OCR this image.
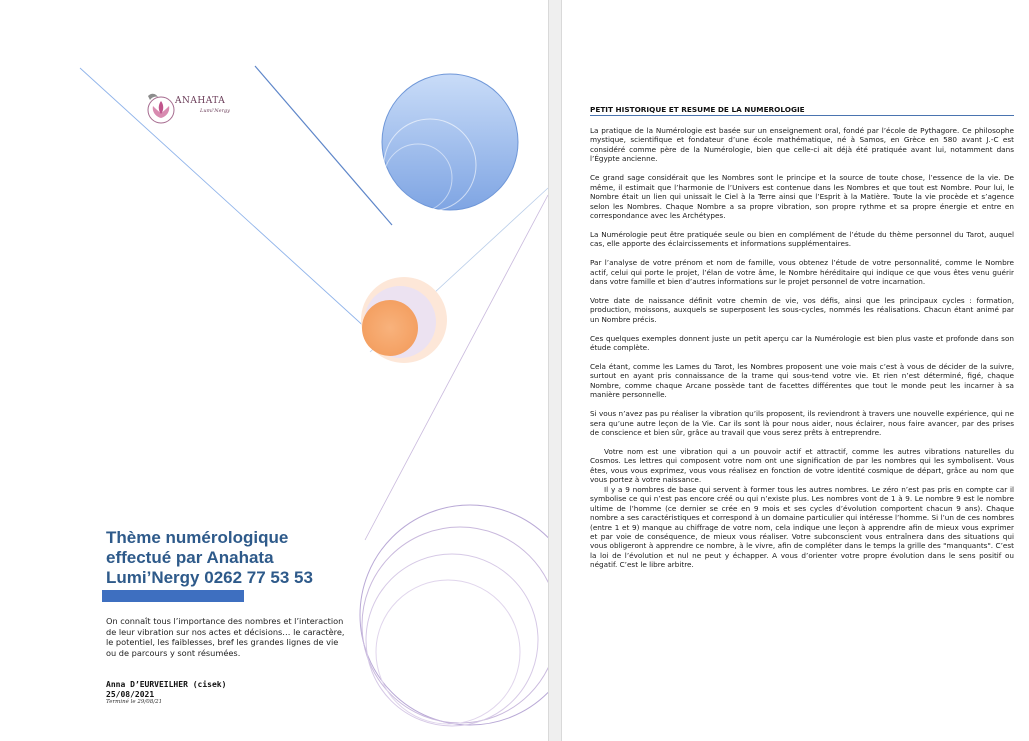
ANAHATA
Lumi'Nergy
Thème numérologique
effectué par Anahata
Lumi’Nergy 0262 77 53 53
On connaît tous l’importance des nombres et l’interaction de leur vibration sur nos actes et décisions… le caractère, le potentiel, les faiblesses, bref les grandes lignes de vie ou de parcours y sont résumées.
Anna D’EURVEILHER (cisek)
25/08/2021
Terminé le 29/08/21
PETIT HISTORIQUE ET RESUME DE LA NUMEROLOGIE

La pratique de la Numérologie est basée sur un enseignement oral, fondé par l’école de Pythagore. Ce philosophe mystique, scientifique et fondateur d’une école mathématique, né à Samos, en Grèce en 580 avant J.-C est considéré comme père de la Numérologie, bien que celle-ci ait déjà été pratiquée avant lui, notamment dans l’Égypte ancienne.

Ce grand sage considérait que les Nombres sont le principe et la source de toute chose, l’essence de la vie. De même, il estimait que l’harmonie de l’Univers est contenue dans les Nombres et que tout est Nombre. Pour lui, le Nombre était un lien qui unissait le Ciel à la Terre ainsi que l’Esprit à la Matière. Toute la vie procède et s’agence selon les Nombres. Chaque Nombre a sa propre vibration, son propre rythme et sa propre énergie et entre en correspondance avec les Archétypes.

La Numérologie peut être pratiquée seule ou bien en complément de l’étude du thème personnel du Tarot, auquel cas, elle apporte des éclaircissements et informations supplémentaires.

Par l’analyse de votre prénom et nom de famille, vous obtenez l’étude de votre personnalité, comme le Nombre actif, celui qui porte le projet, l’élan de votre âme, le Nombre héréditaire qui indique ce que vous êtes venu guérir dans votre famille et bien d’autres informations sur le projet personnel de votre incarnation.

Votre date de naissance définit votre chemin de vie, vos défis, ainsi que les principaux cycles : formation, production, moissons, auxquels se superposent les sous-cycles, nommés les réalisations. Chacun étant animé par un Nombre précis.

Ces quelques exemples donnent juste un petit aperçu car la Numérologie est bien plus vaste et profonde dans son étude complète.

Cela étant, comme les Lames du Tarot, les Nombres proposent une voie mais c’est à vous de décider de la suivre, surtout en ayant pris connaissance de la trame qui sous-tend votre vie. Et rien n’est déterminé, figé, chaque Nombre, comme chaque Arcane possède tant de facettes différentes que tout le monde peut les incarner à sa manière personnelle.

Si vous n’avez pas pu réaliser la vibration qu’ils proposent, ils reviendront à travers une nouvelle expérience, qui ne sera qu’une autre leçon de la Vie. Car ils sont là pour nous aider, nous éclairer, nous faire avancer, par des prises de conscience et bien sûr, grâce au travail que vous serez prêts à entreprendre.

Votre nom est une vibration qui a un pouvoir actif et attractif, comme les autres vibrations naturelles du Cosmos. Les lettres qui composent votre nom ont une signification de par les nombres qui les symbolisent. Vous êtes, vous vous exprimez, vous vous réalisez en fonction de votre identité cosmique de départ, grâce au nom que vous portez à votre naissance.

Il y a 9 nombres de base qui servent à former tous les autres nombres. Le zéro n’est pas pris en compte car il symbolise ce qui n’est pas encore créé ou qui n’existe plus. Les nombres vont de 1 à 9. Le nombre 9 est le nombre ultime de l’homme (ce dernier se crée en 9 mois et ses cycles d’évolution comportent chacun 9 ans). Chaque nombre a ses caractéristiques et correspond à un domaine particulier qui intéresse l’homme. Si l’un de ces nombres (entre 1 et 9) manque au chiffrage de votre nom, cela indique une leçon à apprendre afin de mieux vous exprimer et par voie de conséquence, de mieux vous réaliser. Votre subconscient vous entraînera dans des situations qui vous obligeront à apprendre ce nombre, à le vivre, afin de compléter dans le temps la grille des "manquants". C’est la loi de l’évolution et nul ne peut y échapper. A vous d’orienter votre propre évolution dans le sens positif ou négatif. C’est le libre arbitre.
